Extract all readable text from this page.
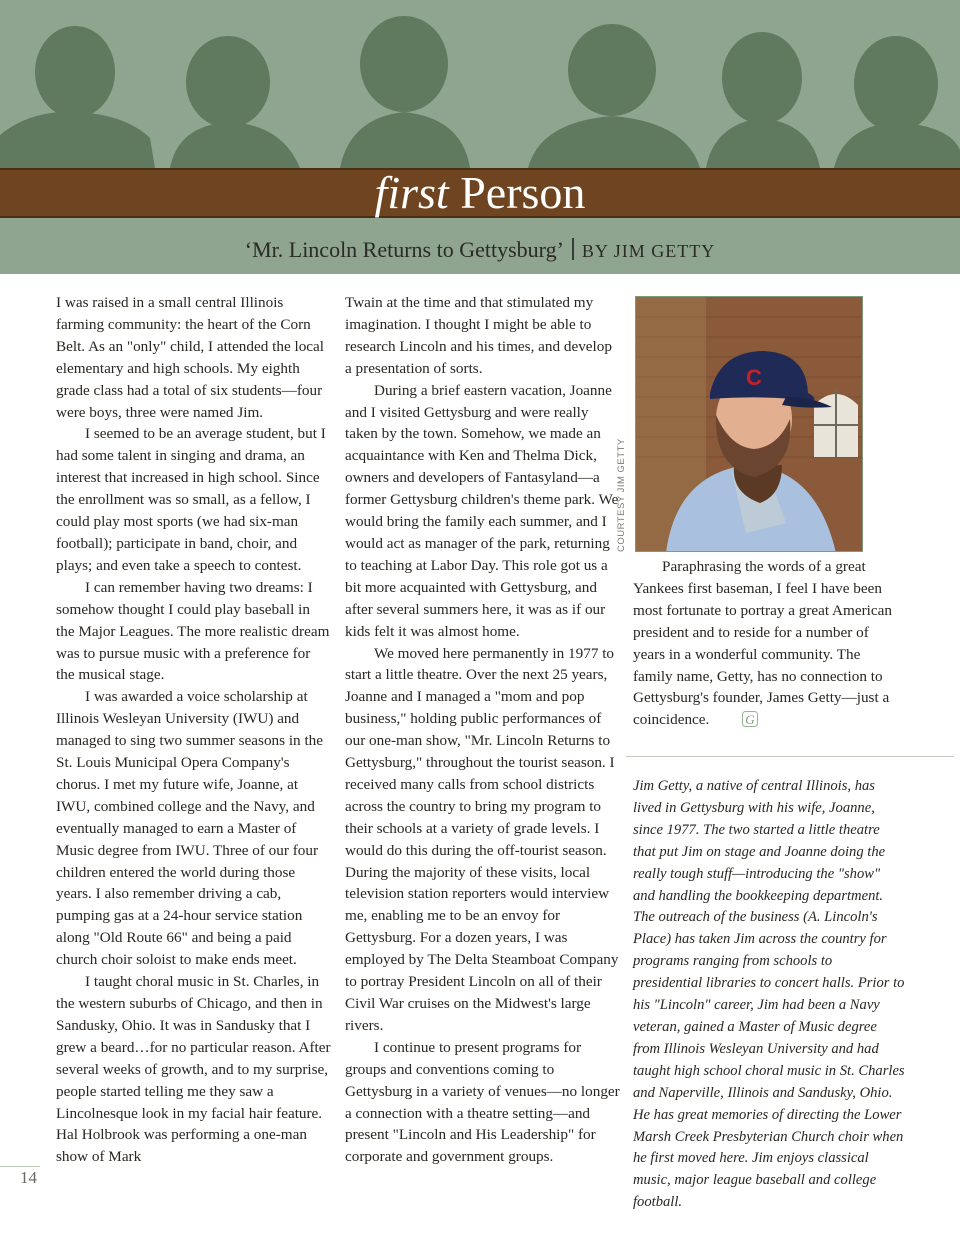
first Person
‘Mr. Lincoln Returns to Gettysburg’ BY JIM GETTY

I was raised in a small central Illinois farming community: the heart of the Corn Belt. As an "only" child, I attended the local elementary and high schools. My eighth grade class had a total of six students—four were boys, three were named Jim.

I seemed to be an average student, but I had some talent in singing and drama, an interest that increased in high school. Since the enrollment was so small, as a fellow, I could play most sports (we had six-man football); participate in band, choir, and plays; and even take a speech to contest.

I can remember having two dreams: I somehow thought I could play baseball in the Major Leagues. The more realistic dream was to pursue music with a preference for the musical stage.

I was awarded a voice scholarship at Illinois Wesleyan University (IWU) and managed to sing two summer seasons in the St. Louis Municipal Opera Company's chorus. I met my future wife, Joanne, at IWU, combined college and the Navy, and eventually managed to earn a Master of Music degree from IWU. Three of our four children entered the world during those years. I also remember driving a cab, pumping gas at a 24-hour service station along "Old Route 66" and being a paid church choir soloist to make ends meet.

I taught choral music in St. Charles, in the western suburbs of Chicago, and then in Sandusky, Ohio. It was in Sandusky that I grew a beard…for no particular reason. After several weeks of growth, and to my surprise, people started telling me they saw a Lincolnesque look in my facial hair feature. Hal Holbrook was performing a one-man show of Mark

Twain at the time and that stimulated my imagination. I thought I might be able to research Lincoln and his times, and develop a presentation of sorts.

During a brief eastern vacation, Joanne and I visited Gettysburg and were really taken by the town. Somehow, we made an acquaintance with Ken and Thelma Dick, owners and developers of Fantasyland—a former Gettysburg children's theme park. We would bring the family each summer, and I would act as manager of the park, returning to teaching at Labor Day. This role got us a bit more acquainted with Gettysburg, and after several summers here, it was as if our kids felt it was almost home.

We moved here permanently in 1977 to start a little theatre. Over the next 25 years, Joanne and I managed a "mom and pop business," holding public performances of our one-man show, "Mr. Lincoln Returns to Gettysburg," throughout the tourist season. I received many calls from school districts across the country to bring my program to their schools at a variety of grade levels. I would do this during the off-tourist season. During the majority of these visits, local television station reporters would interview me, enabling me to be an envoy for Gettysburg. For a dozen years, I was employed by The Delta Steamboat Company to portray President Lincoln on all of their Civil War cruises on the Midwest's large rivers.

I continue to present programs for groups and conventions coming to Gettysburg in a variety of venues—no longer a connection with a theatre setting—and present "Lincoln and His Leadership" for corporate and government groups.

C
COURTESY JIM GETTY

Paraphrasing the words of a great Yankees first baseman, I feel I have been most fortunate to portray a great American president and to reside for a number of years in a wonderful community. The family name, Getty, has no connection to Gettysburg's founder, James Getty—just a coincidence.	G

Jim Getty, a native of central Illinois, has lived in Gettysburg with his wife, Joanne, since 1977. The two started a little theatre that put Jim on stage and Joanne doing the really tough stuff—introducing the "show" and handling the bookkeeping department. The outreach of the business (A. Lincoln's Place) has taken Jim across the country for programs ranging from schools to presidential libraries to concert halls. Prior to his "Lincoln" career, Jim had been a Navy veteran, gained a Master of Music degree from Illinois Wesleyan University and had taught high school choral music in St. Charles and Naperville, Illinois and Sandusky, Ohio. He has great memories of directing the Lower Marsh Creek Presbyterian Church choir when he first moved here. Jim enjoys classical music, major league baseball and college football.
14
